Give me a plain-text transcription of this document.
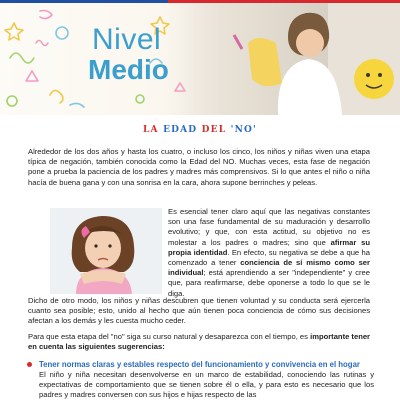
Nivel
Medio
LA EDAD DEL 'NO'

Alrededor de los dos años y hasta los cuatro, o incluso los cinco, los niños y niñas viven una etapa típica de negación, también conocida como la Edad del NO. Muchas veces, esta fase de negación pone a prueba la paciencia de los padres y madres más comprensivos. Si lo que antes el niño o niña hacía de buena gana y con una sonrisa en la cara, ahora supone berrinches y peleas.

Es esencial tener claro aquí que las negativas constantes son una fase fundamental de su maduración y desarrollo evolutivo; y que, con esta actitud, su objetivo no es molestar a los padres o madres; sino que afirmar su propia identidad. En efecto, su negativa se debe a que ha comenzado a tener conciencia de sí mismo como ser individual; está aprendiendo a ser "independiente" y cree que, para reafirmarse, debe oponerse a todo lo que se le diga.

Dicho de otro modo, los niños y niñas descubren que tienen voluntad y su conducta será ejercerla cuanto sea posible; esto, unido al hecho que aún tienen poca conciencia de cómo sus decisiones afectan a los demás y les cuesta mucho ceder.

Para que esta etapa del "no" siga su curso natural y desaparezca con el tiempo, es importante tener en cuenta las siguientes sugerencias:

Tener normas claras y estables respecto del funcionamiento y convivencia en el hogar
El niño y niña necesitan desenvolverse en un marco de estabilidad, conociendo las rutinas y expectativas de comportamiento que se tienen sobre él o ella, y para esto es necesario que los padres y madres conversen con sus hijos e hijas respecto de las
